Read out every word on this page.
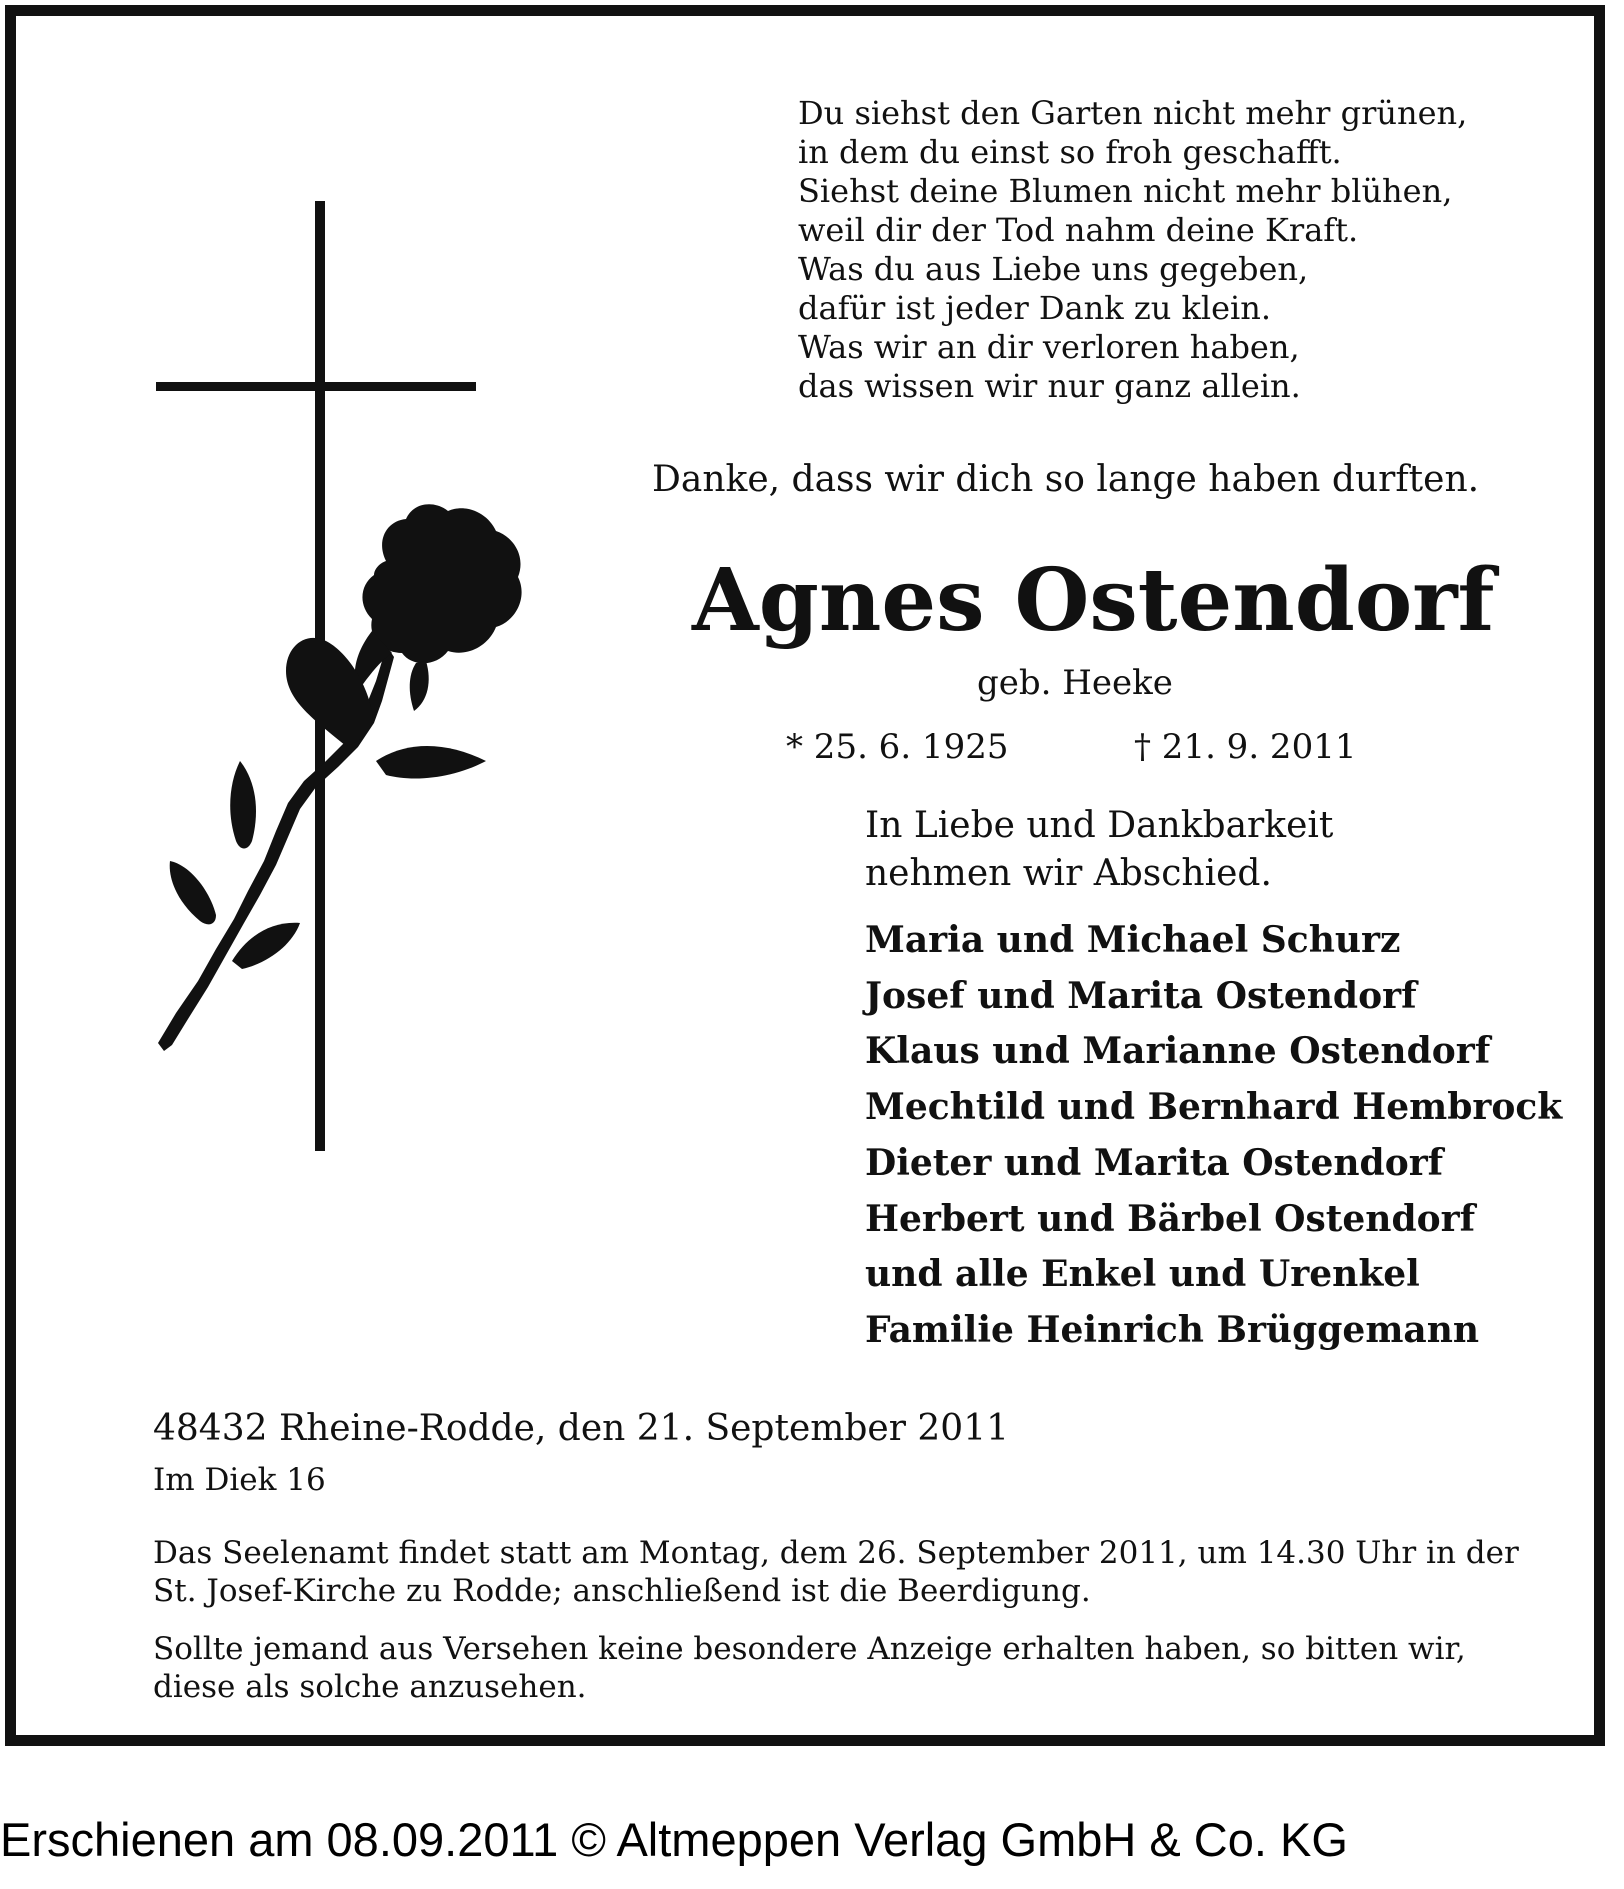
Du siehst den Garten nicht mehr grünen,
in dem du einst so froh geschafft.
Siehst deine Blumen nicht mehr blühen,
weil dir der Tod nahm deine Kraft.
Was du aus Liebe uns gegeben,
dafür ist jeder Dank zu klein.
Was wir an dir verloren haben,
das wissen wir nur ganz allein.
Danke, dass wir dich so lange haben durften.
Agnes Ostendorf
geb. Heeke
* 25. 6. 1925	† 21. 9. 2011
In Liebe und Dankbarkeit
nehmen wir Abschied.
Maria und Michael Schurz
Josef und Marita Ostendorf
Klaus und Marianne Ostendorf
Mechtild und Bernhard Hembrock
Dieter und Marita Ostendorf
Herbert und Bärbel Ostendorf
und alle Enkel und Urenkel
Familie Heinrich Brüggemann
48432 Rheine-Rodde, den 21. September 2011
Im Diek 16
Das Seelenamt findet statt am Montag, dem 26. September 2011, um 14.30 Uhr in der St. Josef-Kirche zu Rodde; anschließend ist die Beerdigung.
Sollte jemand aus Versehen keine besondere Anzeige erhalten haben, so bitten wir, diese als solche anzusehen.
Erschienen am 08.09.2011 © Altmeppen Verlag GmbH & Co. KG
